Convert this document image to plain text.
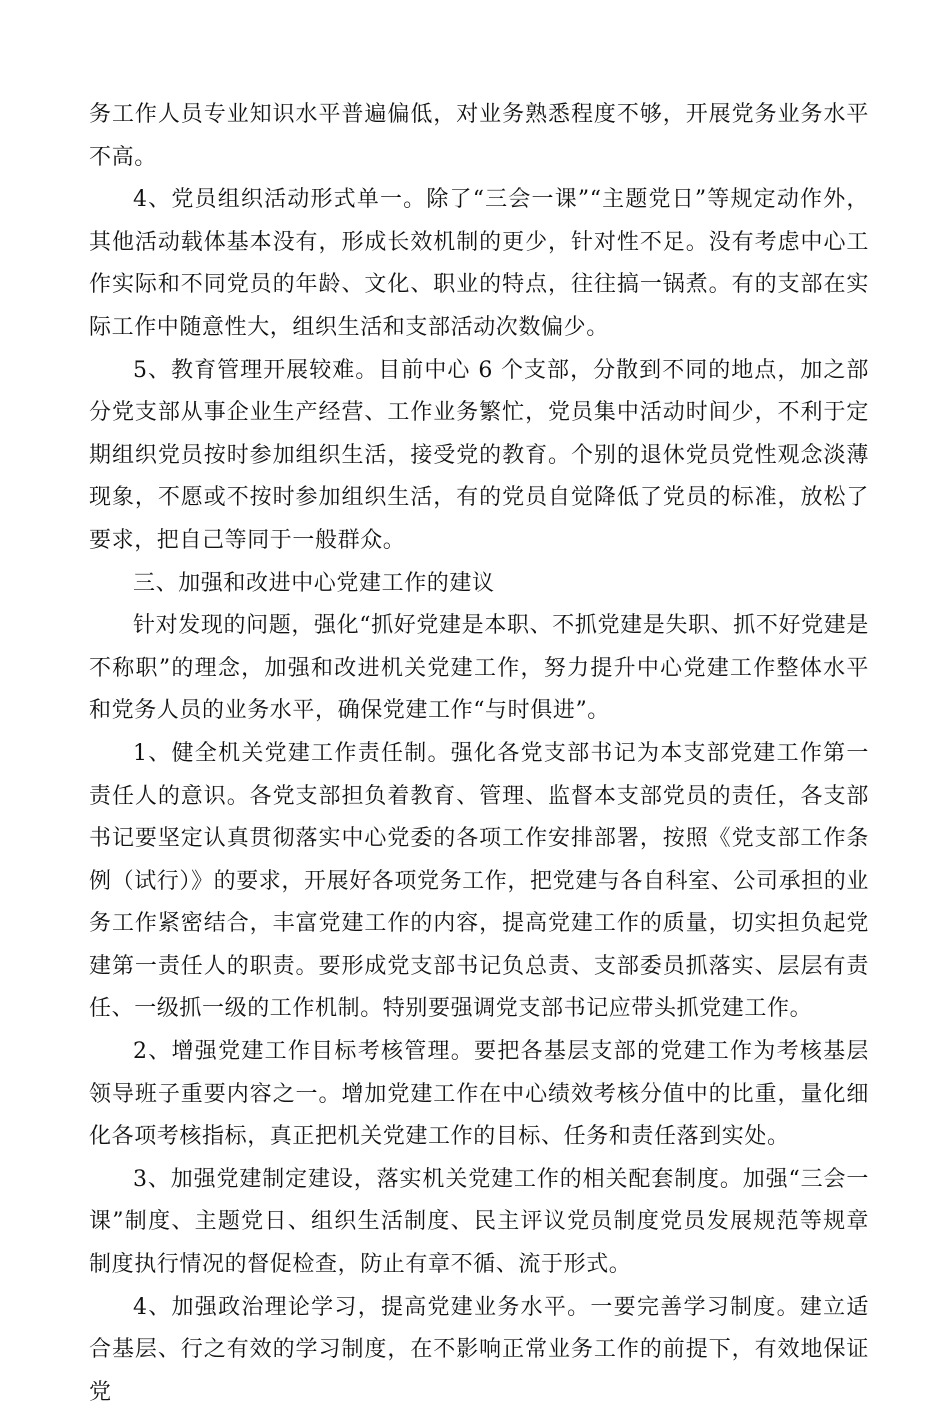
务工作人员专业知识水平普遍偏低，对业务熟悉程度不够，开展党务业务水平不高。

4、党员组织活动形式单一。除了“三会一课”“主题党日”等规定动作外，其他活动载体基本没有，形成长效机制的更少，针对性不足。没有考虑中心工作实际和不同党员的年龄、文化、职业的特点，往往搞一锅煮。有的支部在实际工作中随意性大，组织生活和支部活动次数偏少。

5、教育管理开展较难。目前中心 6 个支部，分散到不同的地点，加之部分党支部从事企业生产经营、工作业务繁忙，党员集中活动时间少，不利于定期组织党员按时参加组织生活，接受党的教育。个别的退休党员党性观念淡薄现象，不愿或不按时参加组织生活，有的党员自觉降低了党员的标准，放松了要求，把自己等同于一般群众。

三、加强和改进中心党建工作的建议

针对发现的问题，强化“抓好党建是本职、不抓党建是失职、抓不好党建是不称职”的理念，加强和改进机关党建工作，努力提升中心党建工作整体水平和党务人员的业务水平，确保党建工作“与时俱进”。

1、健全机关党建工作责任制。强化各党支部书记为本支部党建工作第一责任人的意识。各党支部担负着教育、管理、监督本支部党员的责任，各支部书记要坚定认真贯彻落实中心党委的各项工作安排部署，按照《党支部工作条例（试行）》的要求，开展好各项党务工作，把党建与各自科室、公司承担的业务工作紧密结合，丰富党建工作的内容，提高党建工作的质量，切实担负起党建第一责任人的职责。要形成党支部书记负总责、支部委员抓落实、层层有责任、一级抓一级的工作机制。特别要强调党支部书记应带头抓党建工作。

2、增强党建工作目标考核管理。要把各基层支部的党建工作为考核基层领导班子重要内容之一。增加党建工作在中心绩效考核分值中的比重，量化细化各项考核指标，真正把机关党建工作的目标、任务和责任落到实处。

3、加强党建制定建设，落实机关党建工作的相关配套制度。加强“三会一课”制度、主题党日、组织生活制度、民主评议党员制度党员发展规范等规章制度执行情况的督促检查，防止有章不循、流于形式。

4、加强政治理论学习，提高党建业务水平。一要完善学习制度。建立适合基层、行之有效的学习制度，在不影响正常业务工作的前提下，有效地保证党
